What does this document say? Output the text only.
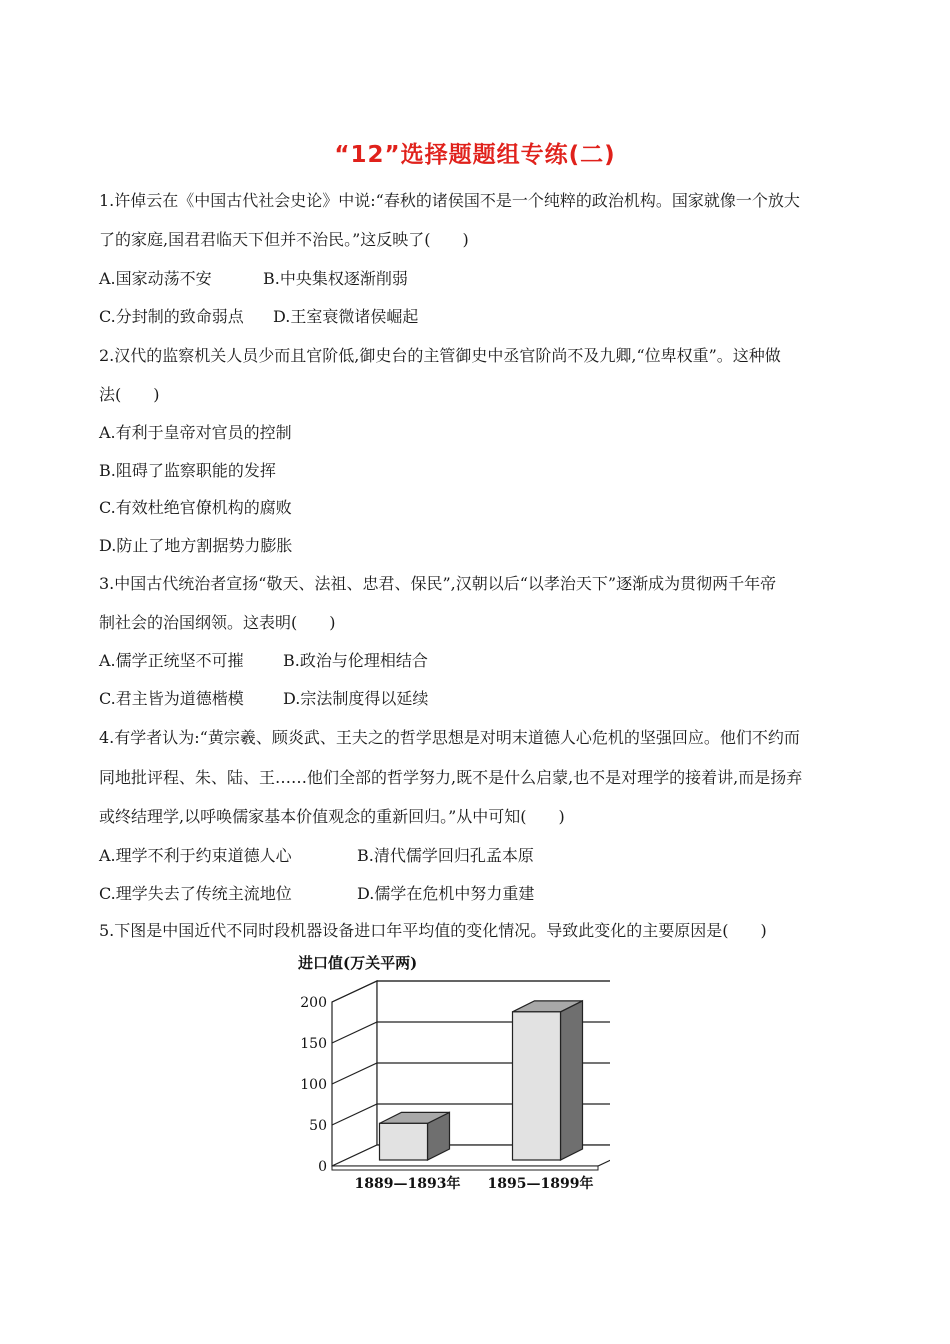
“12”选择题题组专练(二)
1.许倬云在《中国古代社会史论》中说:“春秋的诸侯国不是一个纯粹的政治机构。国家就像一个放大
了的家庭,国君君临天下但并不治民。”这反映了(　　)
A.国家动荡不安	B.中央集权逐渐削弱
C.分封制的致命弱点 D.王室衰微诸侯崛起
2.汉代的监察机关人员少而且官阶低,御史台的主管御史中丞官阶尚不及九卿,“位卑权重”。这种做
法(　　)
A.有利于皇帝对官员的控制
B.阻碍了监察职能的发挥
C.有效杜绝官僚机构的腐败
D.防止了地方割据势力膨胀
3.中国古代统治者宣扬“敬天、法祖、忠君、保民”,汉朝以后“以孝治天下”逐渐成为贯彻两千年帝
制社会的治国纲领。这表明(　　)
A.儒学正统坚不可摧 B.政治与伦理相结合
C.君主皆为道德楷模 D.宗法制度得以延续
4.有学者认为:“黄宗羲、顾炎武、王夫之的哲学思想是对明末道德人心危机的坚强回应。他们不约而
同地批评程、朱、陆、王……他们全部的哲学努力,既不是什么启蒙,也不是对理学的接着讲,而是扬弃
或终结理学,以呼唤儒家基本价值观念的重新回归。”从中可知(　　)
A.理学不利于约束道德人心	B.清代儒学回归孔孟本原
C.理学失去了传统主流地位	D.儒学在危机中努力重建
5.下图是中国近代不同时段机器设备进口年平均值的变化情况。导致此变化的主要原因是(　　)
200
150
100
50
0
进口值(万关平两)
1889—1893年 1895—1899年
